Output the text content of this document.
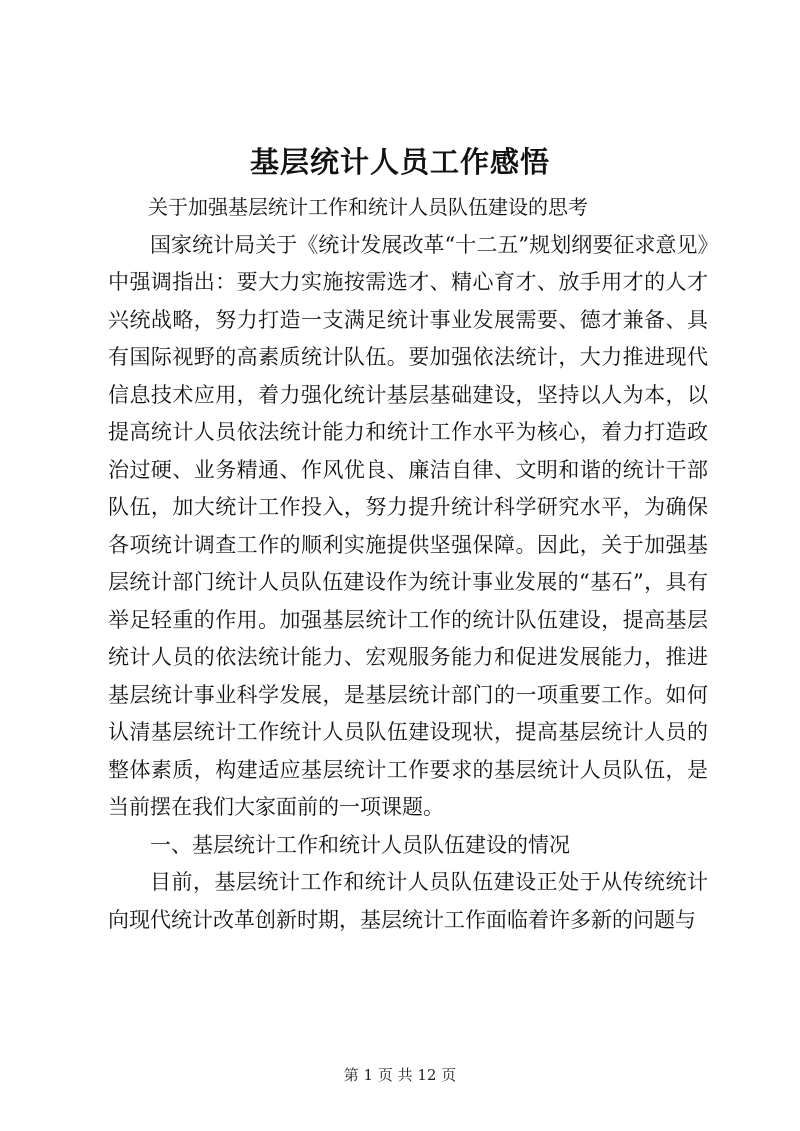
基层统计人员工作感悟

关于加强基层统计工作和统计人员队伍建设的思考

国家统计局关于《统计发展改革“十二五”规划纲要征求意见》中强调指出：要大力实施按需选才、精心育才、放手用才的人才兴统战略，努力打造一支满足统计事业发展需要、德才兼备、具有国际视野的高素质统计队伍。要加强依法统计，大力推进现代信息技术应用，着力强化统计基层基础建设，坚持以人为本，以提高统计人员依法统计能力和统计工作水平为核心，着力打造政治过硬、业务精通、作风优良、廉洁自律、文明和谐的统计干部队伍，加大统计工作投入，努力提升统计科学研究水平，为确保各项统计调查工作的顺利实施提供坚强保障。因此，关于加强基层统计部门统计人员队伍建设作为统计事业发展的“基石”，具有举足轻重的作用。加强基层统计工作的统计队伍建设，提高基层统计人员的依法统计能力、宏观服务能力和促进发展能力，推进基层统计事业科学发展，是基层统计部门的一项重要工作。如何认清基层统计工作统计人员队伍建设现状，提高基层统计人员的整体素质，构建适应基层统计工作要求的基层统计人员队伍，是当前摆在我们大家面前的一项课题。

一、基层统计工作和统计人员队伍建设的情况

目前，基层统计工作和统计人员队伍建设正处于从传统统计向现代统计改革创新时期，基层统计工作面临着许多新的问题与

第 1 页 共 12 页
